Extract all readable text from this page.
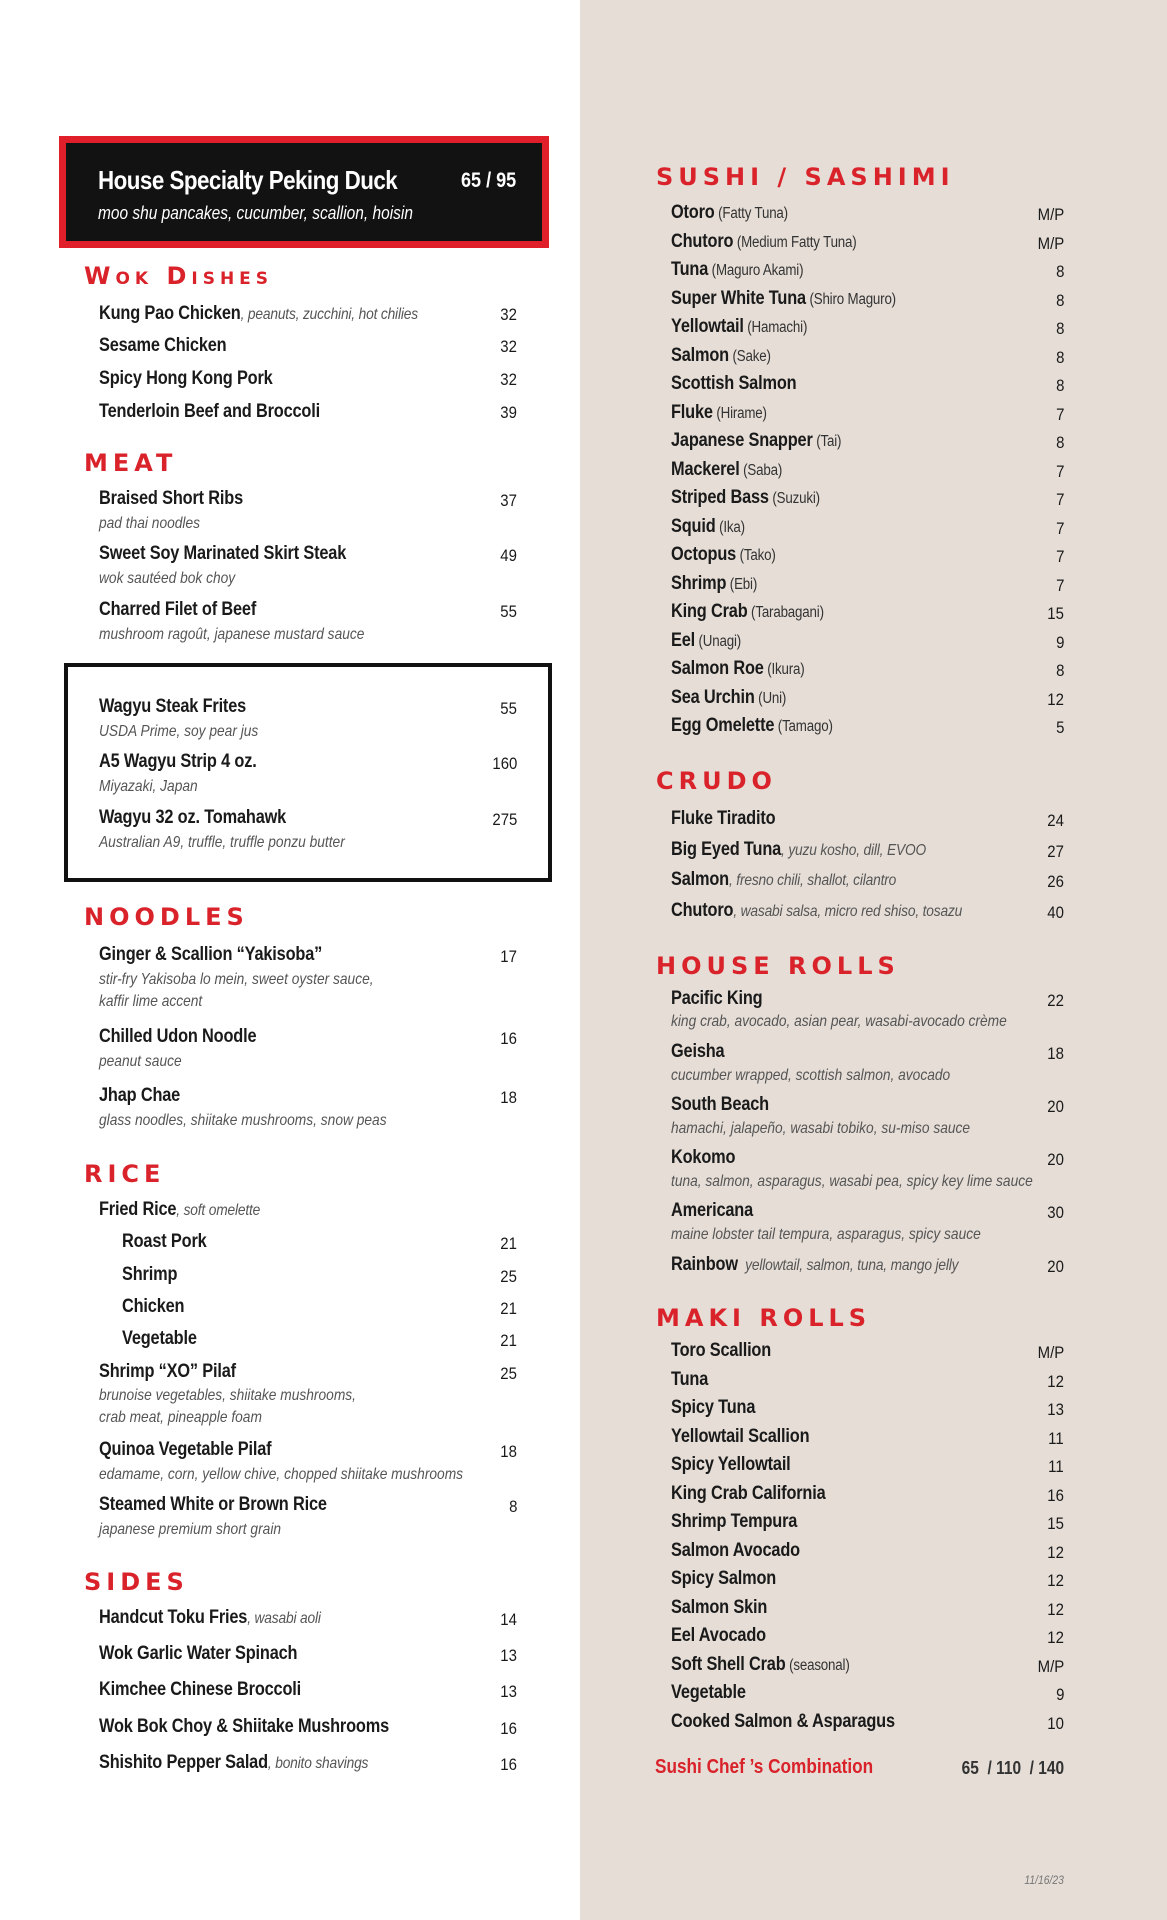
House Specialty Peking Duck	65 / 95
moo shu pancakes, cucumber, scallion, hoisin
Wok Dishes
Kung Pao Chicken, peanuts, zucchini, hot chilies	32
Sesame Chicken	32
Spicy Hong Kong Pork	32
Tenderloin Beef and Broccoli	39
MEAT
Braised Short Ribs	37
pad thai noodles
Sweet Soy Marinated Skirt Steak	49
wok sautéed bok choy
Charred Filet of Beef	55
mushroom ragoût, japanese mustard sauce
Wagyu Steak Frites	55
USDA Prime, soy pear jus
A5 Wagyu Strip 4 oz.	160
Miyazaki, Japan
Wagyu 32 oz. Tomahawk	275
Australian A9, truffle, truffle ponzu butter
NOODLES
Ginger & Scallion “Yakisoba”	17
stir-fry Yakisoba lo mein, sweet oyster sauce,
kaffir lime accent
Chilled Udon Noodle	16
peanut sauce
Jhap Chae	18
glass noodles, shiitake mushrooms, snow peas
RICE
Fried Rice, soft omelette
Roast Pork	21
Shrimp	25
Chicken	21
Vegetable	21
Shrimp “XO” Pilaf	25
brunoise vegetables, shiitake mushrooms,
crab meat, pineapple foam
Quinoa Vegetable Pilaf	18
edamame, corn, yellow chive, chopped shiitake mushrooms
Steamed White or Brown Rice	8
japanese premium short grain
SIDES
Handcut Toku Fries, wasabi aoli	14
Wok Garlic Water Spinach	13
Kimchee Chinese Broccoli	13
Wok Bok Choy & Shiitake Mushrooms	16
Shishito Pepper Salad, bonito shavings	16
SUSHI / SASHIMI
Otoro (Fatty Tuna)	M/P
Chutoro (Medium Fatty Tuna)	M/P
Tuna (Maguro Akami)	8
Super White Tuna (Shiro Maguro)	8
Yellowtail (Hamachi)	8
Salmon (Sake)	8
Scottish Salmon	8
Fluke (Hirame)	7
Japanese Snapper (Tai)	8
Mackerel (Saba)	7
Striped Bass (Suzuki)	7
Squid (Ika)	7
Octopus (Tako)	7
Shrimp (Ebi)	7
King Crab (Tarabagani)	15
Eel (Unagi)	9
Salmon Roe (Ikura)	8
Sea Urchin (Uni)	12
Egg Omelette (Tamago)	5
CRUDO
Fluke Tiradito	24
Big Eyed Tuna, yuzu kosho, dill, EVOO	27
Salmon, fresno chili, shallot, cilantro	26
Chutoro, wasabi salsa, micro red shiso, tosazu	40
HOUSE ROLLS
Pacific King	22
king crab, avocado, asian pear, wasabi-avocado crème
Geisha	18
cucumber wrapped, scottish salmon, avocado
South Beach	20
hamachi, jalapeño, wasabi tobiko, su-miso sauce
Kokomo	20
tuna, salmon, asparagus, wasabi pea, spicy key lime sauce
Americana	30
maine lobster tail tempura, asparagus, spicy sauce
Rainbow  yellowtail, salmon, tuna, mango jelly	20
MAKI ROLLS
Toro Scallion	M/P
Tuna	12
Spicy Tuna	13
Yellowtail Scallion	11
Spicy Yellowtail	11
King Crab California	16
Shrimp Tempura	15
Salmon Avocado	12
Spicy Salmon	12
Salmon Skin	12
Eel Avocado	12
Soft Shell Crab (seasonal)	M/P
Vegetable	9
Cooked Salmon & Asparagus	10
Sushi Chef ’s Combination	65  / 110  / 140
11/16/23
